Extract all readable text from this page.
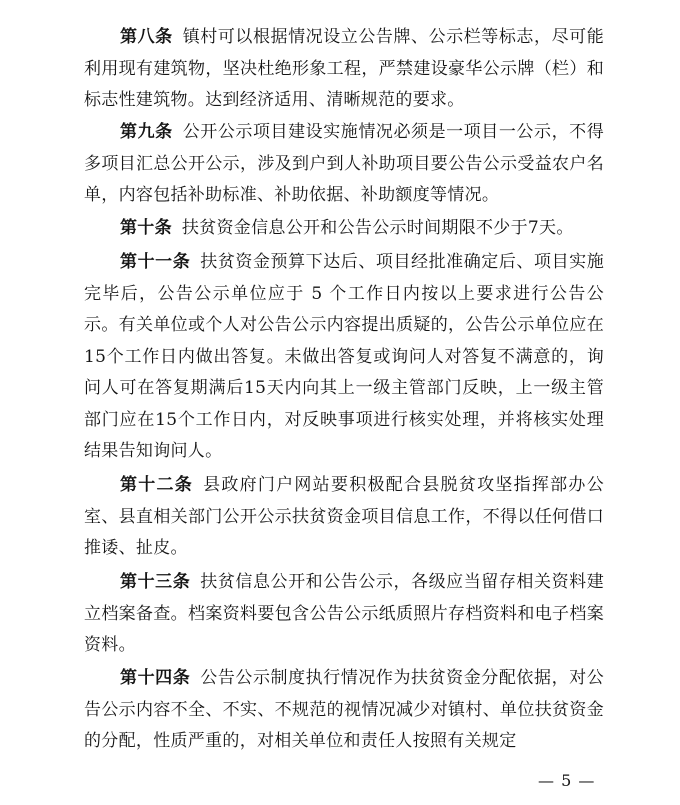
第八条 镇村可以根据情况设立公告牌、公示栏等标志，尽可能利用现有建筑物，坚决杜绝形象工程，严禁建设豪华公示牌（栏）和标志性建筑物。达到经济适用、清晰规范的要求。

第九条 公开公示项目建设实施情况必须是一项目一公示，不得多项目汇总公开公示，涉及到户到人补助项目要公告公示受益农户名单，内容包括补助标准、补助依据、补助额度等情况。

第十条 扶贫资金信息公开和公告公示时间期限不少于7天。

第十一条 扶贫资金预算下达后、项目经批准确定后、项目实施完毕后，公告公示单位应于 5 个工作日内按以上要求进行公告公示。有关单位或个人对公告公示内容提出质疑的，公告公示单位应在15个工作日内做出答复。未做出答复或询问人对答复不满意的，询问人可在答复期满后15天内向其上一级主管部门反映，上一级主管部门应在15个工作日内，对反映事项进行核实处理，并将核实处理结果告知询问人。

第十二条 县政府门户网站要积极配合县脱贫攻坚指挥部办公室、县直相关部门公开公示扶贫资金项目信息工作，不得以任何借口推诿、扯皮。

第十三条 扶贫信息公开和公告公示，各级应当留存相关资料建立档案备查。档案资料要包含公告公示纸质照片存档资料和电子档案资料。

第十四条 公告公示制度执行情况作为扶贫资金分配依据，对公告公示内容不全、不实、不规范的视情况减少对镇村、单位扶贫资金的分配，性质严重的，对相关单位和责任人按照有关规定

— 5 —
